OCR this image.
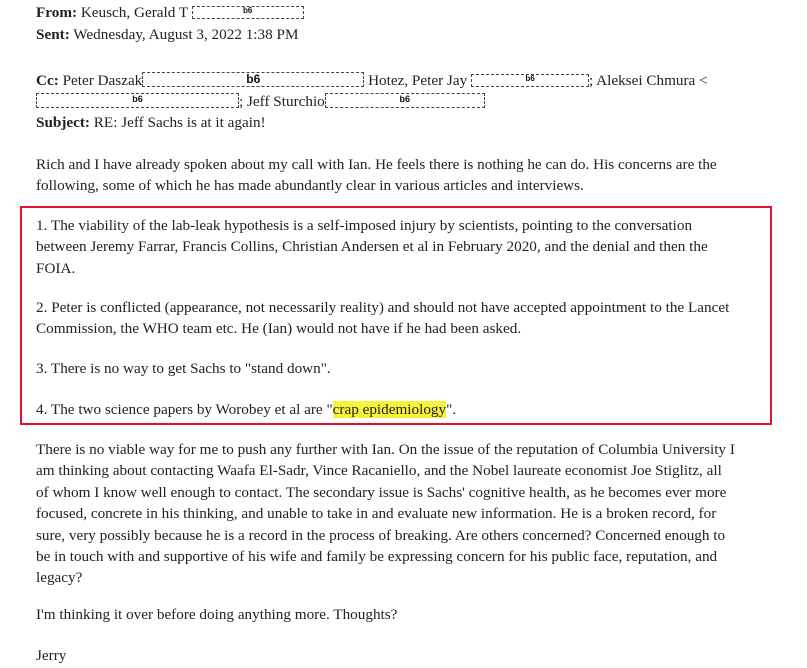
From: Keusch, Gerald T	b6
Sent: Wednesday, August 3, 2022 1:38 PM
Cc: Peter Daszak	b6	Hotez, Peter Jay	b6	; Aleksei Chmura <
b6	; Jeff Sturchio	b6
Subject: RE: Jeff Sachs is at it again!
Rich and I have already spoken about my call with Ian. He feels there is nothing he can do. His concerns are the
following, some of which he has made abundantly clear in various articles and interviews.
1. The viability of the lab-leak hypothesis is a self-imposed injury by scientists, pointing to the conversation
between Jeremy Farrar, Francis Collins, Christian Andersen et al in February 2020, and the denial and then the
FOIA.
2. Peter is conflicted (appearance, not necessarily reality) and should not have accepted appointment to the Lancet
Commission, the WHO team etc. He (Ian) would not have if he had been asked.
3. There is no way to get Sachs to "stand down".
4. The two science papers by Worobey et al are "crap epidemiology".
There is no viable way for me to push any further with Ian. On the issue of the reputation of Columbia University I
am thinking about contacting Waafa El-Sadr, Vince Racaniello, and the Nobel laureate economist Joe Stiglitz, all
of whom I know well enough to contact. The secondary issue is Sachs' cognitive health, as he becomes ever more
focused, concrete in his thinking, and unable to take in and evaluate new information. He is a broken record, for
sure, very possibly because he is a record in the process of breaking. Are others concerned? Concerned enough to
be in touch with and supportive of his wife and family be expressing concern for his public face, reputation, and
legacy?
I'm thinking it over before doing anything more. Thoughts?
Jerry
